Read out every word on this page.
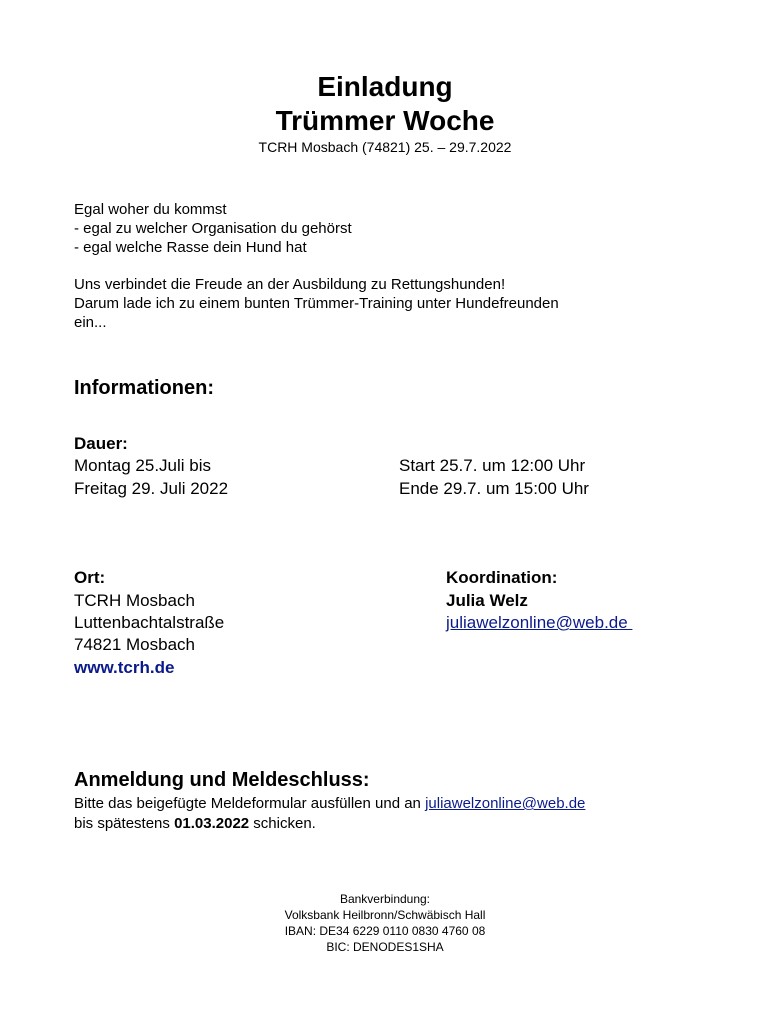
Einladung
Trümmer Woche
TCRH Mosbach (74821) 25. – 29.7.2022
Egal woher du kommst
- egal zu welcher Organisation du gehörst
- egal welche Rasse dein Hund hat
Uns verbindet die Freude an der Ausbildung zu Rettungshunden!
Darum lade ich zu einem bunten Trümmer-Training unter Hundefreunden
ein...
Informationen:
Dauer:
Montag 25.Juli bis
Freitag 29. Juli 2022
Start 25.7. um 12:00 Uhr
Ende 29.7. um 15:00 Uhr
Ort:
TCRH Mosbach
Luttenbachtalstraße
74821 Mosbach
www.tcrh.de
Koordination:
Julia Welz
juliawelzonline@web.de
Anmeldung und Meldeschluss:
Bitte das beigefügte Meldeformular ausfüllen und an juliawelzonline@web.de
bis spätestens 01.03.2022 schicken.
Bankverbindung:
Volksbank Heilbronn/Schwäbisch Hall
IBAN: DE34 6229 0110 0830 4760 08
BIC: DENODES1SHA
